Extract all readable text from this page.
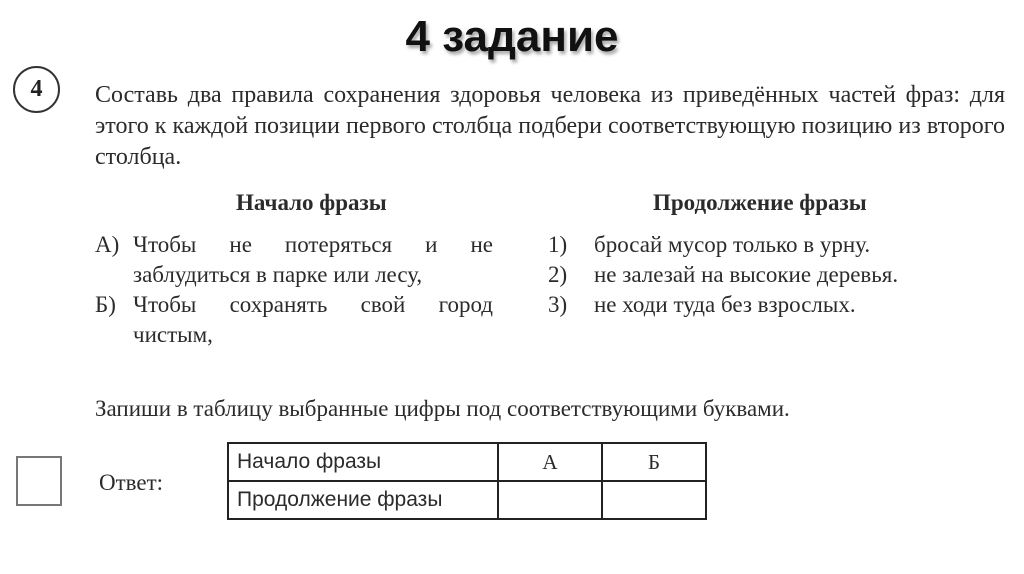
4 задание
4	Составь два правила сохранения здоровья человека из приведённых частей фраз: для этого к каждой позиции первого столбца подбери соответствующую позицию из второго столбца.

Начало фразы	Продолжение фразы
А) Чтобы не потеряться и не
заблудиться в парке или лесу,
Б) Чтобы сохранять свой город
чистым,
1) бросай мусор только в урну.
2) не залезай на высокие деревья.
3) не ходи туда без взрослых.
Запиши в таблицу выбранные цифры под соответствующими буквами.
Ответ:
Начало фразы	А	Б
Продолжение фразы		
